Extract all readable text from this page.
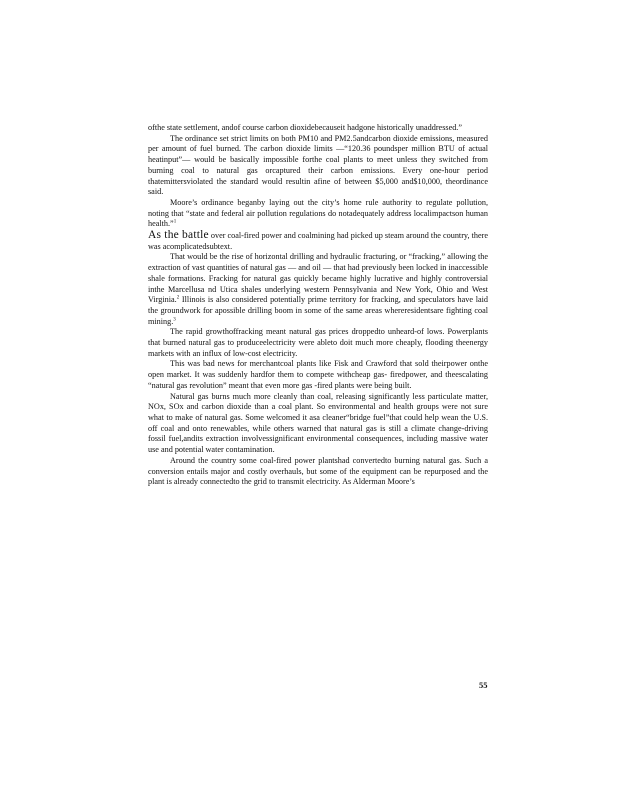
ofthe state settlement, andof course carbon dioxidebecauseit hadgone historically unaddressed.”

The ordinance set strict limits on both PM10 and PM2.5andcarbon dioxide emissions, measured per amount of fuel burned. The carbon dioxide limits —“120.36 poundsper million BTU of actual heatinput”— would be basically impossible forthe coal plants to meet unless they switched from burning coal to natural gas orcaptured their carbon emissions. Every one-hour period thatemittersviolated the standard would resultin afine of between $5,000 and$10,000, theordinance said.

Moore’s ordinance beganby laying out the city’s home rule authority to regulate pollution, noting that “state and federal air pollution regulations do notadequately address localimpactson human health.”$^1$

As the battle over coal-fired power and coalmining had picked up steam around the country, there was acomplicatedsubtext.

That would be the rise of horizontal drilling and hydraulic fracturing, or “fracking,” allowing the extraction of vast quantities of natural gas — and oil — that had previously been locked in inaccessible shale formations. Fracking for natural gas quickly became highly lucrative and highly controversial inthe Marcellusa nd Utica shales underlying western Pennsylvania and New York, Ohio and West Virginia.$^2$ Illinois is also considered potentially prime territory for fracking, and speculators have laid the groundwork for apossible drilling boom in some of the same areas whereresidentsare fighting coal mining.$^3$

The rapid growthoffracking meant natural gas prices droppedto unheard-of lows. Powerplants that burned natural gas to produceelectricity were ableto doit much more cheaply, flooding theenergy markets with an influx of low-cost electricity.

This was bad news for merchantcoal plants like Fisk and Crawford that sold theirpower onthe open market. It was suddenly hardfor them to compete withcheap gas- firedpower, and theescalating “natural gas revolution” meant that even more gas -fired plants were being built.

Natural gas burns much more cleanly than coal, releasing significantly less particulate matter, NOx, SOx and carbon dioxide than a coal plant. So environmental and health groups were not sure what to make of natural gas. Some welcomed it asa cleaner“bridge fuel”that could help wean the U.S. off coal and onto renewables, while others warned that natural gas is still a climate change-driving fossil fuel,andits extraction involvessignificant environmental consequences, including massive water use and potential water contamination.

Around the country some coal-fired power plantshad convertedto burning natural gas. Such a conversion entails major and costly overhauls, but some of the equipment can be repurposed and the plant is already connectedto the grid to transmit electricity. As Alderman Moore’s

55
